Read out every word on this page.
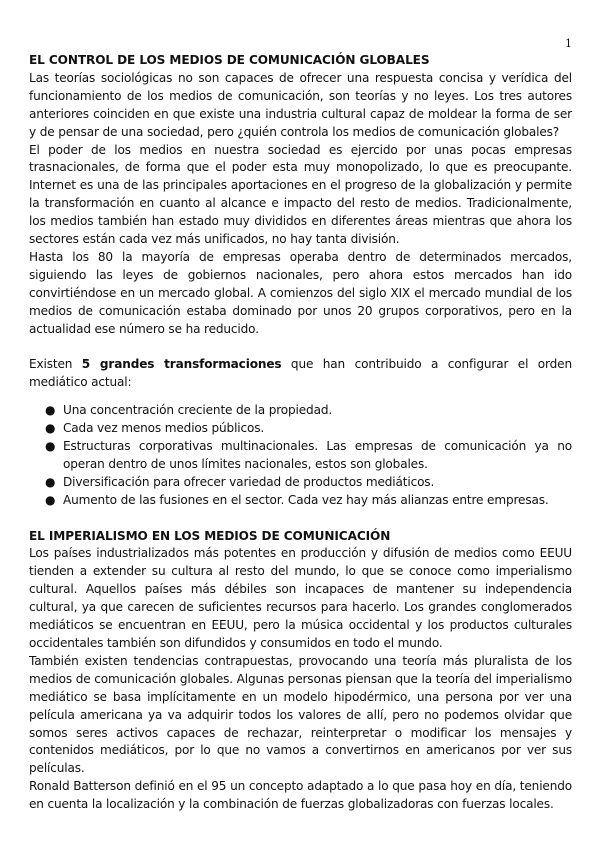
1
EL CONTROL DE LOS MEDIOS DE COMUNICACIÓN GLOBALES

Las teorías sociológicas no son capaces de ofrecer una respuesta concisa y verídica del funcionamiento de los medios de comunicación, son teorías y no leyes. Los tres autores anteriores coinciden en que existe una industria cultural capaz de moldear la forma de ser y de pensar de una sociedad, pero ¿quién controla los medios de comunicación globales?

El poder de los medios en nuestra sociedad es ejercido por unas pocas empresas trasnacionales, de forma que el poder esta muy monopolizado, lo que es preocupante. Internet es una de las principales aportaciones en el progreso de la globalización y permite la transformación en cuanto al alcance e impacto del resto de medios. Tradicionalmente, los medios también han estado muy divididos en diferentes áreas mientras que ahora los sectores están cada vez más unificados, no hay tanta división.

Hasta los 80 la mayoría de empresas operaba dentro de determinados mercados, siguiendo las leyes de gobiernos nacionales, pero ahora estos mercados han ido convirtiéndose en un mercado global. A comienzos del siglo XIX el mercado mundial de los medios de comunicación estaba dominado por unos 20 grupos corporativos, pero en la actualidad ese número se ha reducido.

Existen 5 grandes transformaciones que han contribuido a configurar el orden mediático actual:

● Una concentración creciente de la propiedad.
● Cada vez menos medios públicos.
● Estructuras corporativas multinacionales. Las empresas de comunicación ya no operan dentro de unos límites nacionales, estos son globales.
● Diversificación para ofrecer variedad de productos mediáticos.
● Aumento de las fusiones en el sector. Cada vez hay más alianzas entre empresas.
EL IMPERIALISMO EN LOS MEDIOS DE COMUNICACIÓN

Los países industrializados más potentes en producción y difusión de medios como EEUU tienden a extender su cultura al resto del mundo, lo que se conoce como imperialismo cultural. Aquellos países más débiles son incapaces de mantener su independencia cultural, ya que carecen de suficientes recursos para hacerlo. Los grandes conglomerados mediáticos se encuentran en EEUU, pero la música occidental y los productos culturales occidentales también son difundidos y consumidos en todo el mundo.

También existen tendencias contrapuestas, provocando una teoría más pluralista de los medios de comunicación globales. Algunas personas piensan que la teoría del imperialismo mediático se basa implícitamente en un modelo hipodérmico, una persona por ver una película americana ya va adquirir todos los valores de allí, pero no podemos olvidar que somos seres activos capaces de rechazar, reinterpretar o modificar los mensajes y contenidos mediáticos, por lo que no vamos a convertirnos en americanos por ver sus películas.

Ronald Batterson definió en el 95 un concepto adaptado a lo que pasa hoy en día, teniendo en cuenta la localización y la combinación de fuerzas globalizadoras con fuerzas locales.
